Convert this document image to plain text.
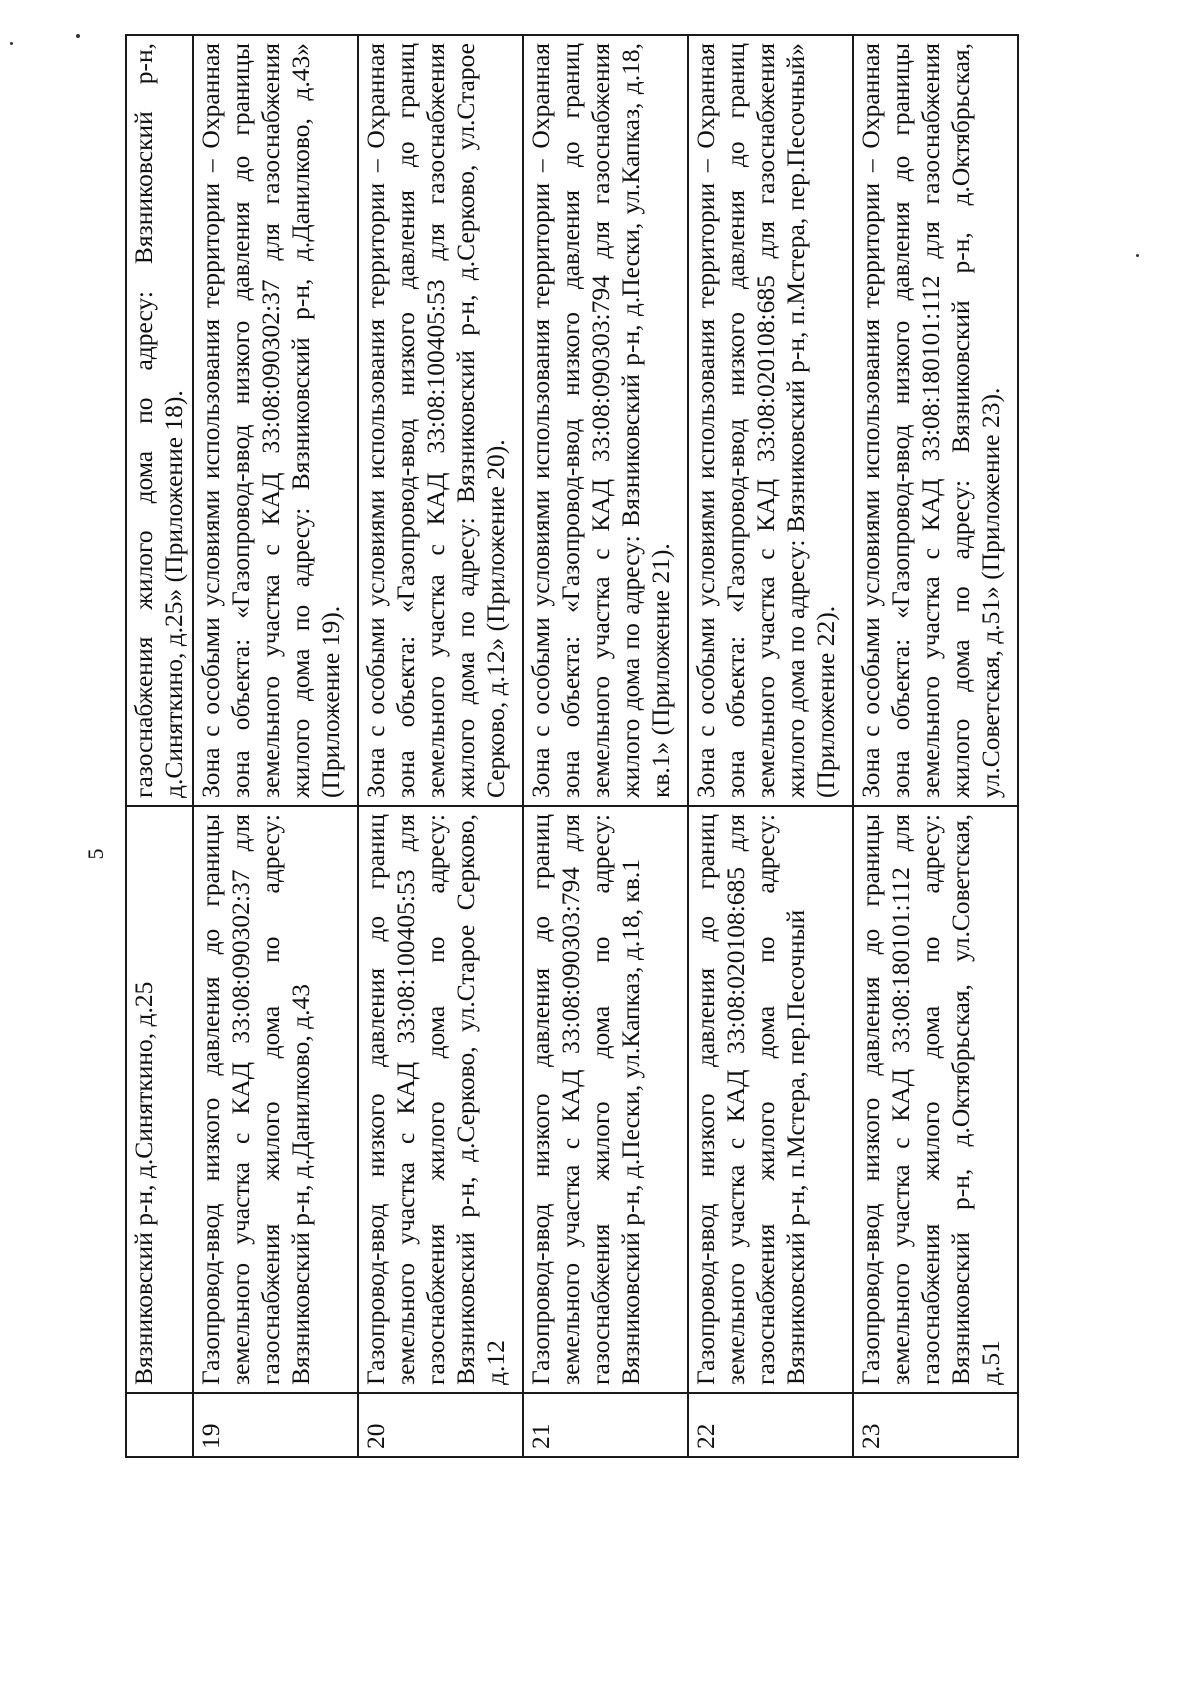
5
	Вязниковский р-н, д.Синяткино, д.25	газоснабжения жилого дома по адресу: Вязниковский р-н, д.Синяткино, д.25» (Приложение 18).
19	Газопровод-ввод низкого давления до границы земельного участка с КАД 33:08:090302:37 для газоснабжения жилого дома по адресу: Вязниковский р-н, д.Данилково, д.43	Зона с особыми условиями использования территории – Охранная зона объекта: «Газопровод-ввод низкого давления до границы земельного участка с КАД 33:08:090302:37 для газоснабжения жилого дома по адресу: Вязниковский р-н, д.Данилково, д.43» (Приложение 19).
20	Газопровод-ввод низкого давления до границ земельного участка с КАД 33:08:100405:53 для газоснабжения жилого дома по адресу: Вязниковский р-н, д.Серково, ул.Старое Серково, д.12	Зона с особыми условиями использования территории – Охранная зона объекта: «Газопровод-ввод низкого давления до границ земельного участка с КАД 33:08:100405:53 для газоснабжения жилого дома по адресу: Вязниковский р-н, д.Серково, ул.Старое Серково, д.12» (Приложение 20).
21	Газопровод-ввод низкого давления до границ земельного участка с КАД 33:08:090303:794 для газоснабжения жилого дома по адресу: Вязниковский р-н, д.Пески, ул.Капказ, д.18, кв.1	Зона с особыми условиями использования территории – Охранная зона объекта: «Газопровод-ввод низкого давления до границ земельного участка с КАД 33:08:090303:794 для газоснабжения жилого дома по адресу: Вязниковский р-н, д.Пески, ул.Капказ, д.18, кв.1» (Приложение 21).
22	Газопровод-ввод низкого давления до границ земельного участка с КАД 33:08:020108:685 для газоснабжения жилого дома по адресу: Вязниковский р-н, п.Мстера, пер.Песочный	Зона с особыми условиями использования территории – Охранная зона объекта: «Газопровод-ввод низкого давления до границ земельного участка с КАД 33:08:020108:685 для газоснабжения жилого дома по адресу: Вязниковский р-н, п.Мстера, пер.Песочный» (Приложение 22).
23	Газопровод-ввод низкого давления до границы земельного участка с КАД 33:08:180101:112 для газоснабжения жилого дома по адресу: Вязниковский р-н, д.Октябрьская, ул.Советская, д.51	Зона с особыми условиями использования территории – Охранная зона объекта: «Газопровод-ввод низкого давления до границы земельного участка с КАД 33:08:180101:112 для газоснабжения жилого дома по адресу: Вязниковский р-н, д.Октябрьская, ул.Советская, д.51» (Приложение 23).
